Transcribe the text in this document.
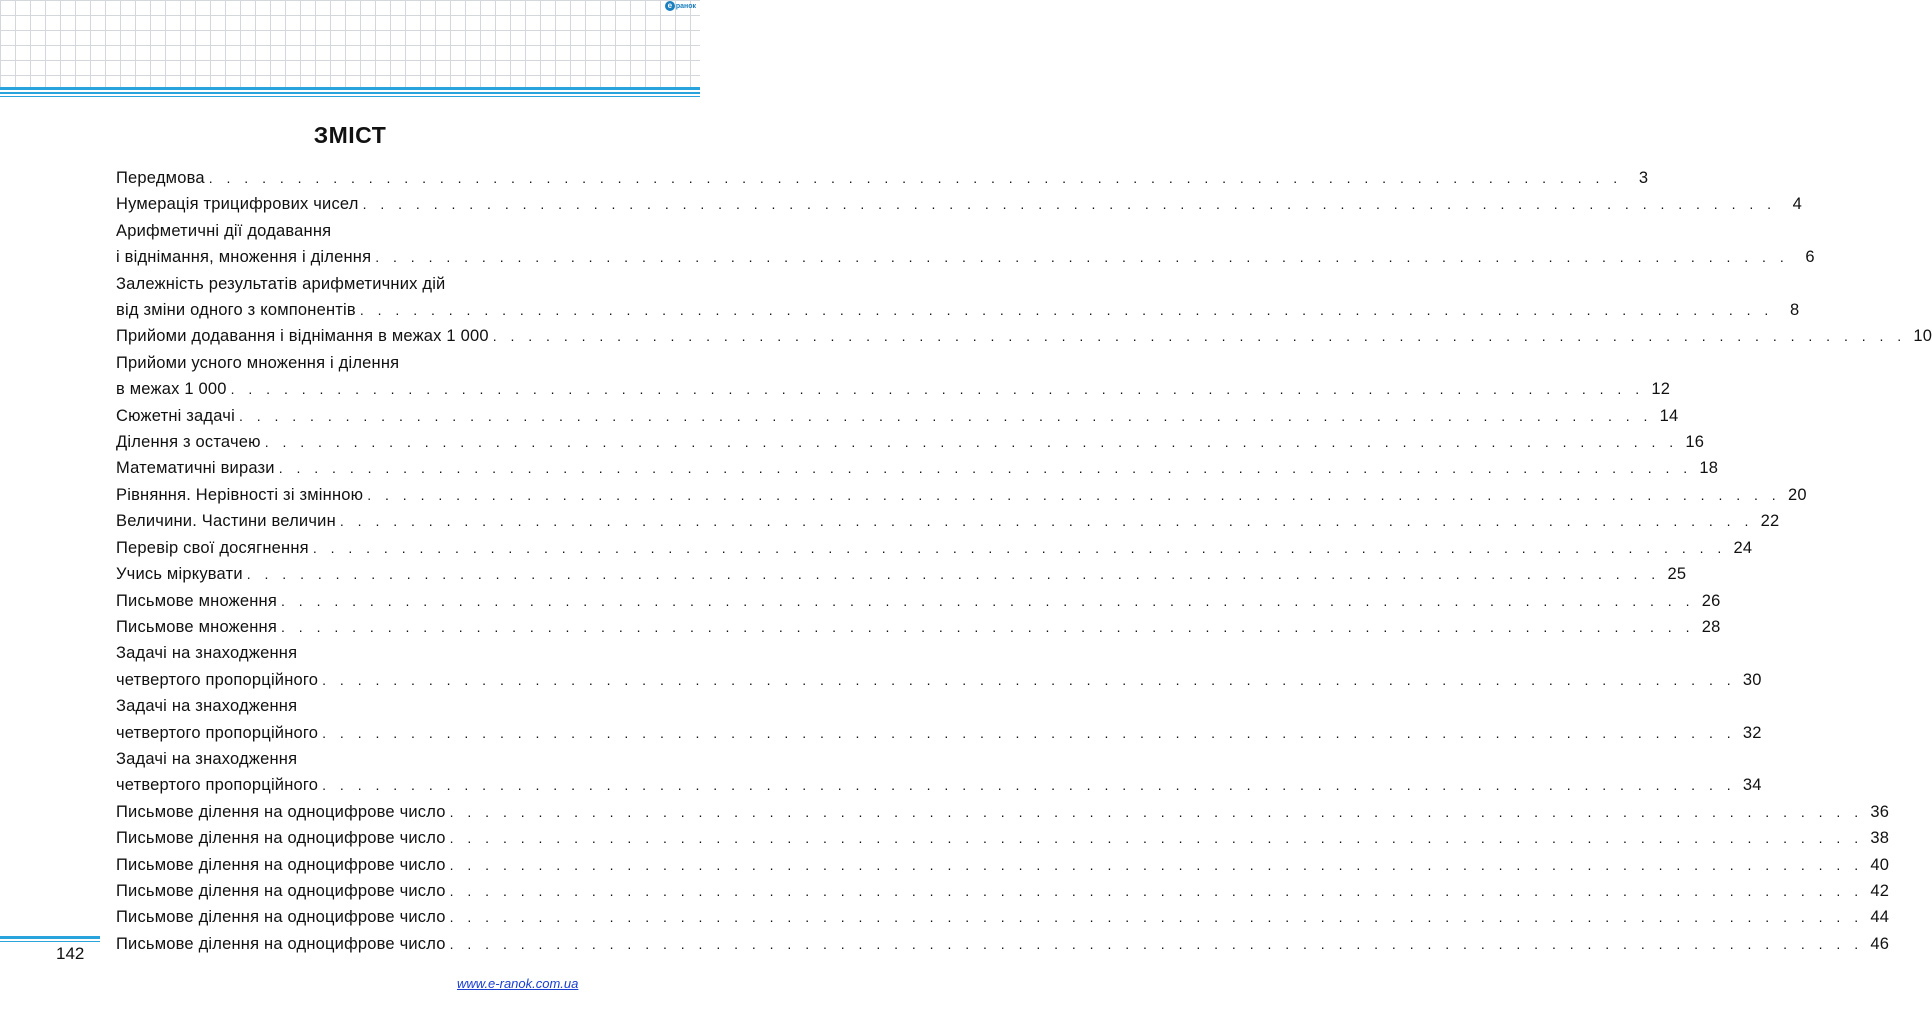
e ранок
ЗМІСТ
Передмова . . . . . . . . . . . . . . . . . . . . . . . . . . . . . . . . . . . . . . . . . . . . . . . . . . . . . . . . . . . . . . . . . . . . . . . . . . . . . . . .	3
Нумерація трицифрових чисел . . . . . . . . . . . . . . . . . . . . . . . . . . . . . . . . . . . . . . . . . . . . . . . . . . . . . . . . . . . . . . . . . . . . . . . . . . . . . . . .	4
Арифметичні дії додавання
і віднімання, множення і ділення . . . . . . . . . . . . . . . . . . . . . . . . . . . . . . . . . . . . . . . . . . . . . . . . . . . . . . . . . . . . . . . . . . . . . . . . . . . . . . . .	6
Залежність результатів арифметичних дій
від зміни одного з компонентів . . . . . . . . . . . . . . . . . . . . . . . . . . . . . . . . . . . . . . . . . . . . . . . . . . . . . . . . . . . . . . . . . . . . . . . . . . . . . . . .	8
Прийоми додавання і віднімання в межах 1 000 . . . . . . . . . . . . . . . . . . . . . . . . . . . . . . . . . . . . . . . . . . . . . . . . . . . . . . . . . . . . . . . . . . . . . . . . . . . . . . . . 10
Прийоми усного множення і ділення
в межах 1 000 . . . . . . . . . . . . . . . . . . . . . . . . . . . . . . . . . . . . . . . . . . . . . . . . . . . . . . . . . . . . . . . . . . . . . . . . . . . . . . . . 12
Сюжетні задачі . . . . . . . . . . . . . . . . . . . . . . . . . . . . . . . . . . . . . . . . . . . . . . . . . . . . . . . . . . . . . . . . . . . . . . . . . . . . . . . . 14
Ділення з остачею . . . . . . . . . . . . . . . . . . . . . . . . . . . . . . . . . . . . . . . . . . . . . . . . . . . . . . . . . . . . . . . . . . . . . . . . . . . . . . . . 16
Математичні вирази . . . . . . . . . . . . . . . . . . . . . . . . . . . . . . . . . . . . . . . . . . . . . . . . . . . . . . . . . . . . . . . . . . . . . . . . . . . . . . . . 18
Рівняння. Нерівності зі змінною . . . . . . . . . . . . . . . . . . . . . . . . . . . . . . . . . . . . . . . . . . . . . . . . . . . . . . . . . . . . . . . . . . . . . . . . . . . . . . . . 20
Величини. Частини величин . . . . . . . . . . . . . . . . . . . . . . . . . . . . . . . . . . . . . . . . . . . . . . . . . . . . . . . . . . . . . . . . . . . . . . . . . . . . . . . . 22
Перевір свої досягнення . . . . . . . . . . . . . . . . . . . . . . . . . . . . . . . . . . . . . . . . . . . . . . . . . . . . . . . . . . . . . . . . . . . . . . . . . . . . . . . . 24
Учись міркувати . . . . . . . . . . . . . . . . . . . . . . . . . . . . . . . . . . . . . . . . . . . . . . . . . . . . . . . . . . . . . . . . . . . . . . . . . . . . . . . . 25
Письмове множення . . . . . . . . . . . . . . . . . . . . . . . . . . . . . . . . . . . . . . . . . . . . . . . . . . . . . . . . . . . . . . . . . . . . . . . . . . . . . . . . 26
Письмове множення . . . . . . . . . . . . . . . . . . . . . . . . . . . . . . . . . . . . . . . . . . . . . . . . . . . . . . . . . . . . . . . . . . . . . . . . . . . . . . . . 28
Задачі на знаходження
четвертого пропорційного . . . . . . . . . . . . . . . . . . . . . . . . . . . . . . . . . . . . . . . . . . . . . . . . . . . . . . . . . . . . . . . . . . . . . . . . . . . . . . . . 30
Задачі на знаходження
четвертого пропорційного . . . . . . . . . . . . . . . . . . . . . . . . . . . . . . . . . . . . . . . . . . . . . . . . . . . . . . . . . . . . . . . . . . . . . . . . . . . . . . . . 32
Задачі на знаходження
четвертого пропорційного . . . . . . . . . . . . . . . . . . . . . . . . . . . . . . . . . . . . . . . . . . . . . . . . . . . . . . . . . . . . . . . . . . . . . . . . . . . . . . . . 34
Письмове ділення на одноцифрове число . . . . . . . . . . . . . . . . . . . . . . . . . . . . . . . . . . . . . . . . . . . . . . . . . . . . . . . . . . . . . . . . . . . . . . . . . . . . . . . . 36
Письмове ділення на одноцифрове число . . . . . . . . . . . . . . . . . . . . . . . . . . . . . . . . . . . . . . . . . . . . . . . . . . . . . . . . . . . . . . . . . . . . . . . . . . . . . . . . 38
Письмове ділення на одноцифрове число . . . . . . . . . . . . . . . . . . . . . . . . . . . . . . . . . . . . . . . . . . . . . . . . . . . . . . . . . . . . . . . . . . . . . . . . . . . . . . . . 40
Письмове ділення на одноцифрове число . . . . . . . . . . . . . . . . . . . . . . . . . . . . . . . . . . . . . . . . . . . . . . . . . . . . . . . . . . . . . . . . . . . . . . . . . . . . . . . . 42
Письмове ділення на одноцифрове число . . . . . . . . . . . . . . . . . . . . . . . . . . . . . . . . . . . . . . . . . . . . . . . . . . . . . . . . . . . . . . . . . . . . . . . . . . . . . . . . 44
Письмове ділення на одноцифрове число . . . . . . . . . . . . . . . . . . . . . . . . . . . . . . . . . . . . . . . . . . . . . . . . . . . . . . . . . . . . . . . . . . . . . . . . . . . . . . . . 46
142
www.e-ranok.com.ua
